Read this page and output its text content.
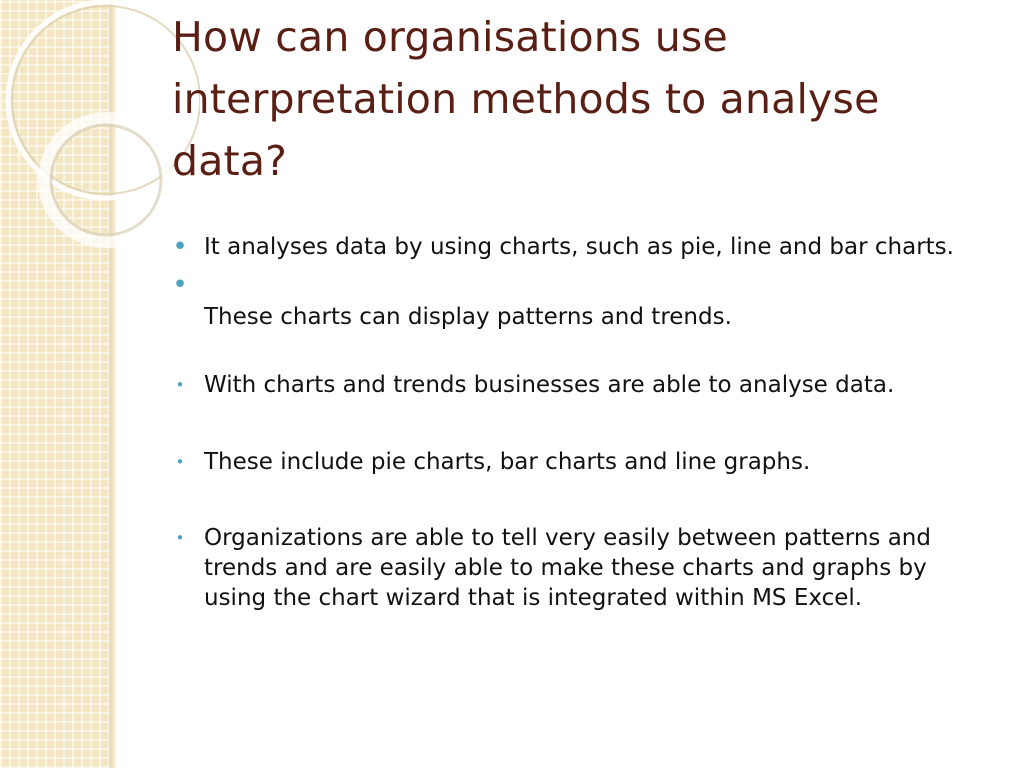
How can organisations use interpretation methods to analyse data?
• It analyses data by using charts, such as pie, line and bar charts.
•
These charts can display patterns and trends.
• With charts and trends businesses are able to analyse data.
• These include pie charts, bar charts and line graphs.
• Organizations are able to tell very easily between patterns and trends and are easily able to make these charts and graphs by using the chart wizard that is integrated within MS Excel.
